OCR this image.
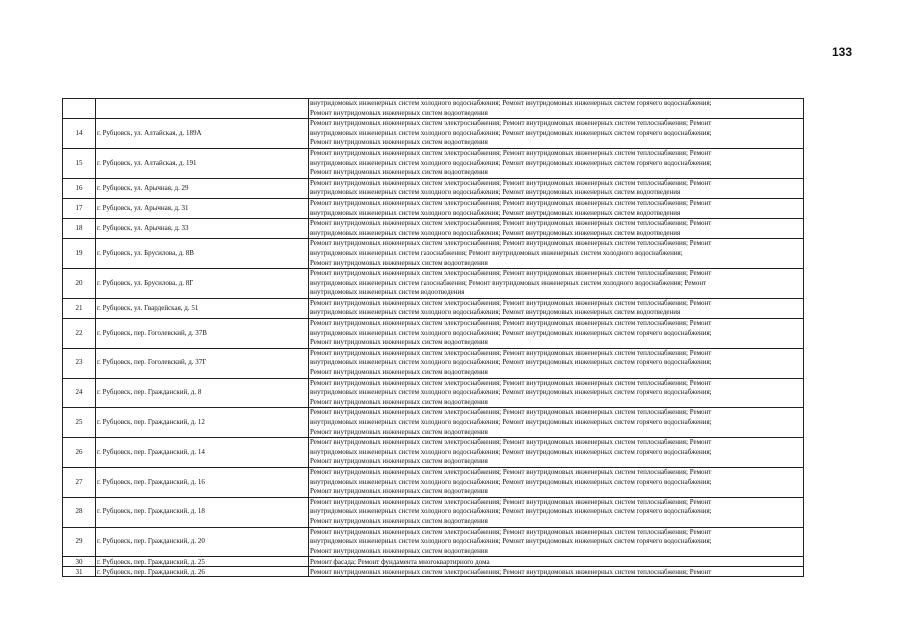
133

		внутридомовых инженерных систем холодного водоснабжения; Ремонт внутридомовых инженерных систем горячего водоснабжения;
Ремонт внутридомовых инженерных систем водоотведения

14	г. Рубцовск, ул. Алтайская, д. 189А	Ремонт внутридомовых инженерных систем электроснабжения; Ремонт внутридомовых инженерных систем теплоснабжения; Ремонт
внутридомовых инженерных систем холодного водоснабжения; Ремонт внутридомовых инженерных систем горячего водоснабжения;
Ремонт внутридомовых инженерных систем водоотведения

15	г. Рубцовск, ул. Алтайская, д. 191	Ремонт внутридомовых инженерных систем электроснабжения; Ремонт внутридомовых инженерных систем теплоснабжения; Ремонт
внутридомовых инженерных систем холодного водоснабжения; Ремонт внутридомовых инженерных систем горячего водоснабжения;
Ремонт внутридомовых инженерных систем водоотведения

16	г. Рубцовск, ул. Арычная, д. 29	Ремонт внутридомовых инженерных систем электроснабжения; Ремонт внутридомовых инженерных систем теплоснабжения; Ремонт
внутридомовых инженерных систем холодного водоснабжения; Ремонт внутридомовых инженерных систем водоотведения

17	г. Рубцовск, ул. Арычная, д. 31	Ремонт внутридомовых инженерных систем электроснабжения; Ремонт внутридомовых инженерных систем теплоснабжения; Ремонт
внутридомовых инженерных систем холодного водоснабжения; Ремонт внутридомовых инженерных систем водоотведения

18	г. Рубцовск, ул. Арычная, д. 33	Ремонт внутридомовых инженерных систем электроснабжения; Ремонт внутридомовых инженерных систем теплоснабжения; Ремонт
внутридомовых инженерных систем холодного водоснабжения; Ремонт внутридомовых инженерных систем водоотведения

19	г. Рубцовск, ул. Брусилова, д. 8В	Ремонт внутридомовых инженерных систем электроснабжения; Ремонт внутридомовых инженерных систем теплоснабжения; Ремонт
внутридомовых инженерных систем газоснабжения; Ремонт внутридомовых инженерных систем холодного водоснабжения;
Ремонт внутридомовых инженерных систем водоотведения

20	г. Рубцовск, ул. Брусилова, д. 8Г	Ремонт внутридомовых инженерных систем электроснабжения; Ремонт внутридомовых инженерных систем теплоснабжения; Ремонт
внутридомовых инженерных систем газоснабжения; Ремонт внутридомовых инженерных систем холодного водоснабжения; Ремонт
внутридомовых инженерных систем водоотведения

21	г. Рубцовск, ул. Гвардейская, д. 51	Ремонт внутридомовых инженерных систем электроснабжения; Ремонт внутридомовых инженерных систем теплоснабжения; Ремонт
внутридомовых инженерных систем холодного водоснабжения; Ремонт внутридомовых инженерных систем водоотведения

22	г. Рубцовск, пер. Гоголевский, д. 37В	Ремонт внутридомовых инженерных систем электроснабжения; Ремонт внутридомовых инженерных систем теплоснабжения; Ремонт
внутридомовых инженерных систем холодного водоснабжения; Ремонт внутридомовых инженерных систем горячего водоснабжения;
Ремонт внутридомовых инженерных систем водоотведения

23	г. Рубцовск, пер. Гоголевский, д. 37Г	Ремонт внутридомовых инженерных систем электроснабжения; Ремонт внутридомовых инженерных систем теплоснабжения; Ремонт
внутридомовых инженерных систем холодного водоснабжения; Ремонт внутридомовых инженерных систем горячего водоснабжения;
Ремонт внутридомовых инженерных систем водоотведения

24	г. Рубцовск, пер. Гражданский, д. 8	Ремонт внутридомовых инженерных систем электроснабжения; Ремонт внутридомовых инженерных систем теплоснабжения; Ремонт
внутридомовых инженерных систем холодного водоснабжения; Ремонт внутридомовых инженерных систем горячего водоснабжения;
Ремонт внутридомовых инженерных систем водоотведения

25	г. Рубцовск, пер. Гражданский, д. 12	Ремонт внутридомовых инженерных систем электроснабжения; Ремонт внутридомовых инженерных систем теплоснабжения; Ремонт
внутридомовых инженерных систем холодного водоснабжения; Ремонт внутридомовых инженерных систем горячего водоснабжения;
Ремонт внутридомовых инженерных систем водоотведения

26	г. Рубцовск, пер. Гражданский, д. 14	Ремонт внутридомовых инженерных систем электроснабжения; Ремонт внутридомовых инженерных систем теплоснабжения; Ремонт
внутридомовых инженерных систем холодного водоснабжения; Ремонт внутридомовых инженерных систем горячего водоснабжения;
Ремонт внутридомовых инженерных систем водоотведения

27	г. Рубцовск, пер. Гражданский, д. 16	Ремонт внутридомовых инженерных систем электроснабжения; Ремонт внутридомовых инженерных систем теплоснабжения; Ремонт
внутридомовых инженерных систем холодного водоснабжения; Ремонт внутридомовых инженерных систем горячего водоснабжения;
Ремонт внутридомовых инженерных систем водоотведения

28	г. Рубцовск, пер. Гражданский, д. 18	Ремонт внутридомовых инженерных систем электроснабжения; Ремонт внутридомовых инженерных систем теплоснабжения; Ремонт
внутридомовых инженерных систем холодного водоснабжения; Ремонт внутридомовых инженерных систем горячего водоснабжения;
Ремонт внутридомовых инженерных систем водоотведения

29	г. Рубцовск, пер. Гражданский, д. 20	Ремонт внутридомовых инженерных систем электроснабжения; Ремонт внутридомовых инженерных систем теплоснабжения; Ремонт
внутридомовых инженерных систем холодного водоснабжения; Ремонт внутридомовых инженерных систем горячего водоснабжения;
Ремонт внутридомовых инженерных систем водоотведения

30	г. Рубцовск, пер. Гражданский, д. 25	Ремонт фасада; Ремонт фундамента многоквартирного дома

31	г. Рубцовск, пер. Гражданский, д. 26	Ремонт внутридомовых инженерных систем электроснабжения; Ремонт внутридомовых инженерных систем теплоснабжения; Ремонт
